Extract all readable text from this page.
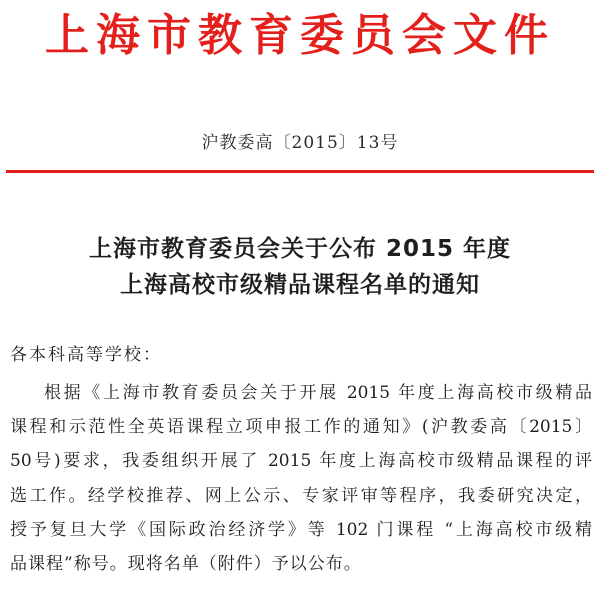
上海市教育委员会文件
沪教委高〔2015〕13号
上海市教育委员会关于公布 2015 年度
上海高校市级精品课程名单的通知
各本科高等学校：
根据《上海市教育委员会关于开展 2015 年度上海高校市级精品
课程和示范性全英语课程立项申报工作的通知》(沪教委高〔2015〕
50号)要求，我委组织开展了 2015 年度上海高校市级精品课程的评
选工作。经学校推荐、网上公示、专家评审等程序，我委研究决定，
授予复旦大学《国际政治经济学》等 102 门课程 “上海高校市级精
品课程”称号。现将名单（附件）予以公布。
